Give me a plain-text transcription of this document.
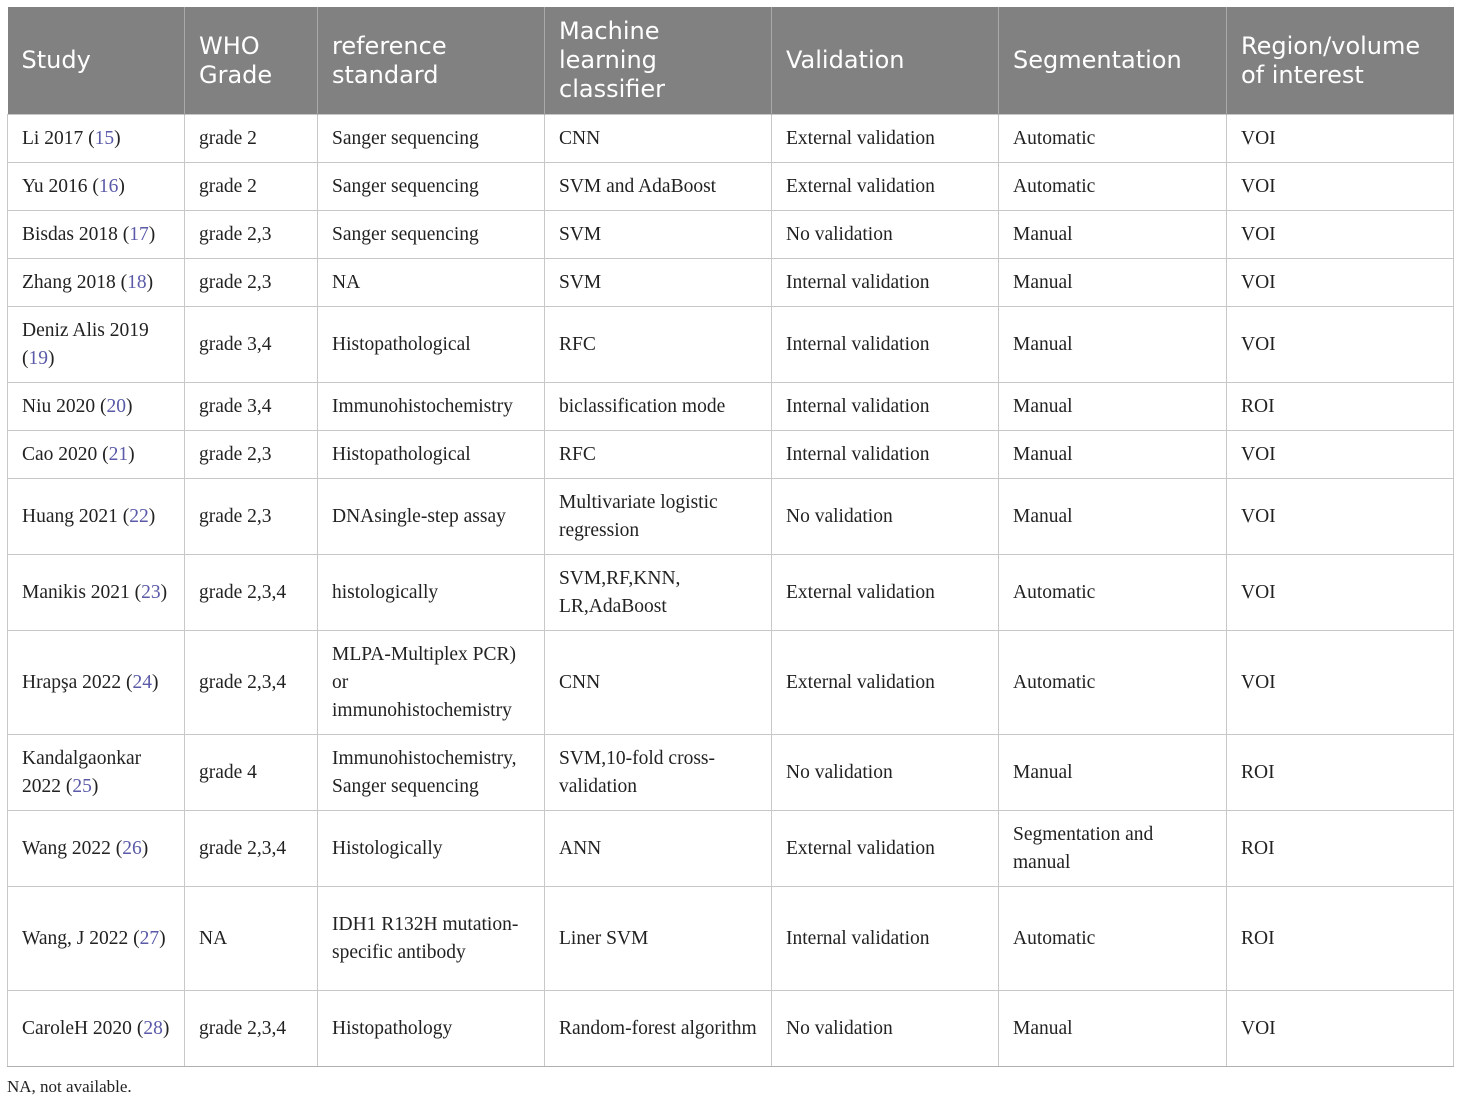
Study	WHO Grade	reference standard	Machine learning classifier	Validation	Segmentation	Region/volume of interest
Li 2017 (15)	grade 2	Sanger sequencing	CNN	External validation	Automatic	VOI
Yu 2016 (16)	grade 2	Sanger sequencing	SVM and AdaBoost	External validation	Automatic	VOI
Bisdas 2018 (17)	grade 2,3	Sanger sequencing	SVM	No validation	Manual	VOI
Zhang 2018 (18)	grade 2,3	NA	SVM	Internal validation	Manual	VOI
Deniz Alis 2019 (19)	grade 3,4	Histopathological	RFC	Internal validation	Manual	VOI
Niu 2020 (20)	grade 3,4	Immunohistochemistry	biclassification mode	Internal validation	Manual	ROI
Cao 2020 (21)	grade 2,3	Histopathological	RFC	Internal validation	Manual	VOI
Huang 2021 (22)	grade 2,3	DNAsingle-step assay	Multivariate logistic regression	No validation	Manual	VOI
Manikis 2021 (23)	grade 2,3,4	histologically	SVM,RF,KNN, LR,AdaBoost	External validation	Automatic	VOI
Hrapşa 2022 (24)	grade 2,3,4	MLPA-Multiplex PCR) or immunohistochemistry	CNN	External validation	Automatic	VOI
Kandalgaonkar 2022 (25)	grade 4	Immunohistochemistry, Sanger sequencing	SVM,10-fold cross-validation	No validation	Manual	ROI
Wang 2022 (26)	grade 2,3,4	Histologically	ANN	External validation	Segmentation and manual	ROI
Wang, J 2022 (27)	NA	IDH1 R132H mutation-specific antibody	Liner SVM	Internal validation	Automatic	ROI
CaroleH 2020 (28)	grade 2,3,4	Histopathology	Random-forest algorithm	No validation	Manual	VOI
NA, not available.
